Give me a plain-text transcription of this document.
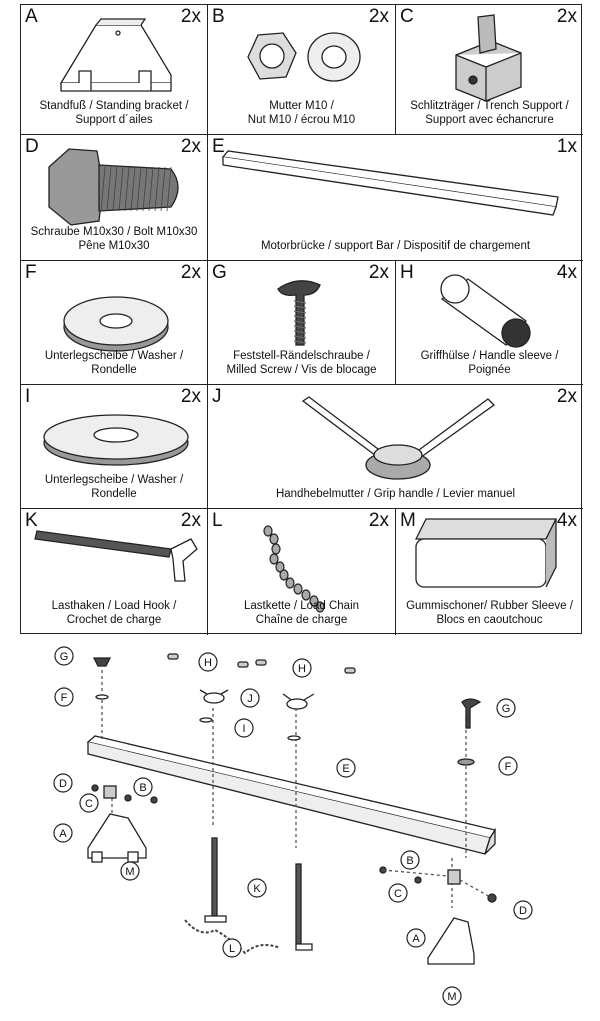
A	2x
Standfuß / Standing bracket /
Support d´ailes
B	2x
Mutter M10 /
Nut M10 / écrou M10
C	2x
Schlitzträger / Trench Support /
Support avec échancrure
D	2x
Schraube M10x30 / Bolt M10x30
Pêne M10x30
E	1x
Motorbrücke / support Bar / Dispositif de chargement
F	2x
Unterlegscheibe / Washer /
Rondelle
G	2x
Feststell-Rändelschraube /
Milled Screw / Vis de blocage
H	4x
Griffhülse / Handle sleeve /
Poignée
I	2x
Unterlegscheibe / Washer /
Rondelle
J	2x
Handhebelmutter / Grip handle / Levier manuel
K	2x
Lasthaken / Load Hook /
Crochet de charge
L	2x
Lastkette / Load Chain
Chaîne de charge
M	4x
Gummischoner/ Rubber Sleeve /
Blocs en caoutchouc
G
F
H	H
J
I
E
D
C
B
A
M
K
L
G
F
B
C
D
A
M
